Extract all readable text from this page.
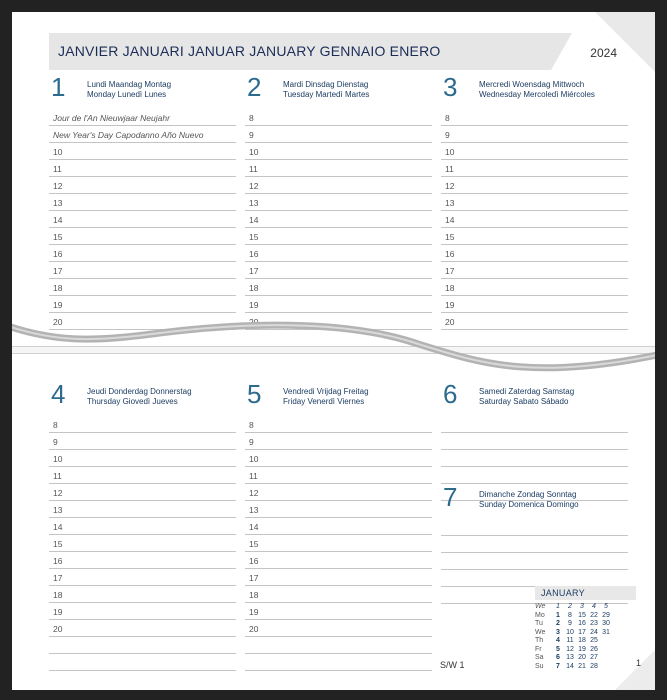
JANVIER JANUARI JANUAR JANUARY GENNAIO ENERO	2024
1	Lundi Maandag Montag
Monday Lunedì Lunes
Jour de l'An Nieuwjaar Neujahr
New Year's Day Capodanno Año Nuevo
10
11
12
13
14
15
16
17
18
19
20
2	Mardi Dinsdag Dienstag
Tuesday Martedì Martes
8
9
10
11
12
13
14
15
16
17
18
19
20
3	Mercredi Woensdag Mittwoch
Wednesday Mercoledì Miércoles
8
9
10
11
12
13
14
15
16
17
18
19
20
4	Jeudi Donderdag Donnerstag
Thursday Giovedì Jueves
8
9
10
11
12
13
14
15
16
17
18
19
20
5	Vendredi Vrijdag Freitag
Friday Venerdì Viernes
8
9
10
11
12
13
14
15
16
17
18
19
20
6	Samedi Zaterdag Samstag
Saturday Sabato Sábado
7	Dimanche Zondag Sonntag
Sunday Domenica Domingo
S/W 1	1
JANUARY
We	1	2	3	4	5
Mo	1	8 15 22 29
Tu	2	9 16 23 30
We	3 10 17 24 31
Th	4 11 18 25
Fr	5 12 19 26
Sa	6 13 20 27
Su	7 14 21 28
